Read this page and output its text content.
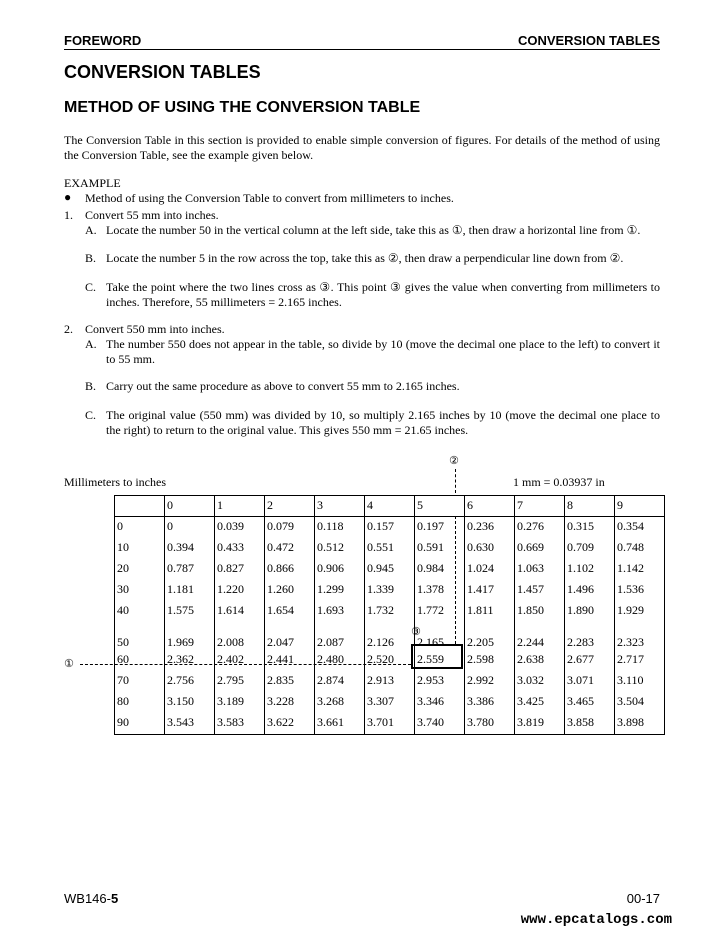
FOREWORD	CONVERSION TABLES
CONVERSION TABLES
METHOD OF USING THE CONVERSION TABLE
The Conversion Table in this section is provided to enable simple conversion of figures. For details of the method of using the Conversion Table, see the example given below.
EXAMPLE
● Method of using the Conversion Table to convert from millimeters to inches.
1. Convert 55 mm into inches.
A. Locate the number 50 in the vertical column at the left side, take this as ①, then draw a horizontal line from ①.
B. Locate the number 5 in the row across the top, take this as ②, then draw a perpendicular line down from ②.
C. Take the point where the two lines cross as ③. This point ③ gives the value when converting from millimeters to inches. Therefore, 55 millimeters = 2.165 inches.
2. Convert 550 mm into inches.
A. The number 550 does not appear in the table, so divide by 10 (move the decimal one place to the left) to convert it to 55 mm.
B. Carry out the same procedure as above to convert 55 mm to 2.165 inches.
C. The original value (550 mm) was divided by 10, so multiply 2.165 inches by 10 (move the decimal one place to the right) to return to the original value. This gives 550 mm = 21.65 inches.
Millimeters to inches	1 mm = 0.03937 in
	0	1	2	3	4	5	6	7	8	9
0	0	0.039	0.079	0.118	0.157	0.197	0.236	0.276	0.315	0.354
10	0.394	0.433	0.472	0.512	0.551	0.591	0.630	0.669	0.709	0.748
20	0.787	0.827	0.866	0.906	0.945	0.984	1.024	1.063	1.102	1.142
30	1.181	1.220	1.260	1.299	1.339	1.378	1.417	1.457	1.496	1.536
40	1.575	1.614	1.654	1.693	1.732	1.772	1.811	1.850	1.890	1.929
50	1.969	2.008	2.047	2.087	2.126	2.165	2.205	2.244	2.283	2.323
60	2.362	2.402	2.441	2.480	2.520	2.559	2.598	2.638	2.677	2.717
70	2.756	2.795	2.835	2.874	2.913	2.953	2.992	3.032	3.071	3.110
80	3.150	3.189	3.228	3.268	3.307	3.346	3.386	3.425	3.465	3.504
90	3.543	3.583	3.622	3.661	3.701	3.740	3.780	3.819	3.858	3.898
②
③
①
WB146-5	00-17
www.epcatalogs.com
